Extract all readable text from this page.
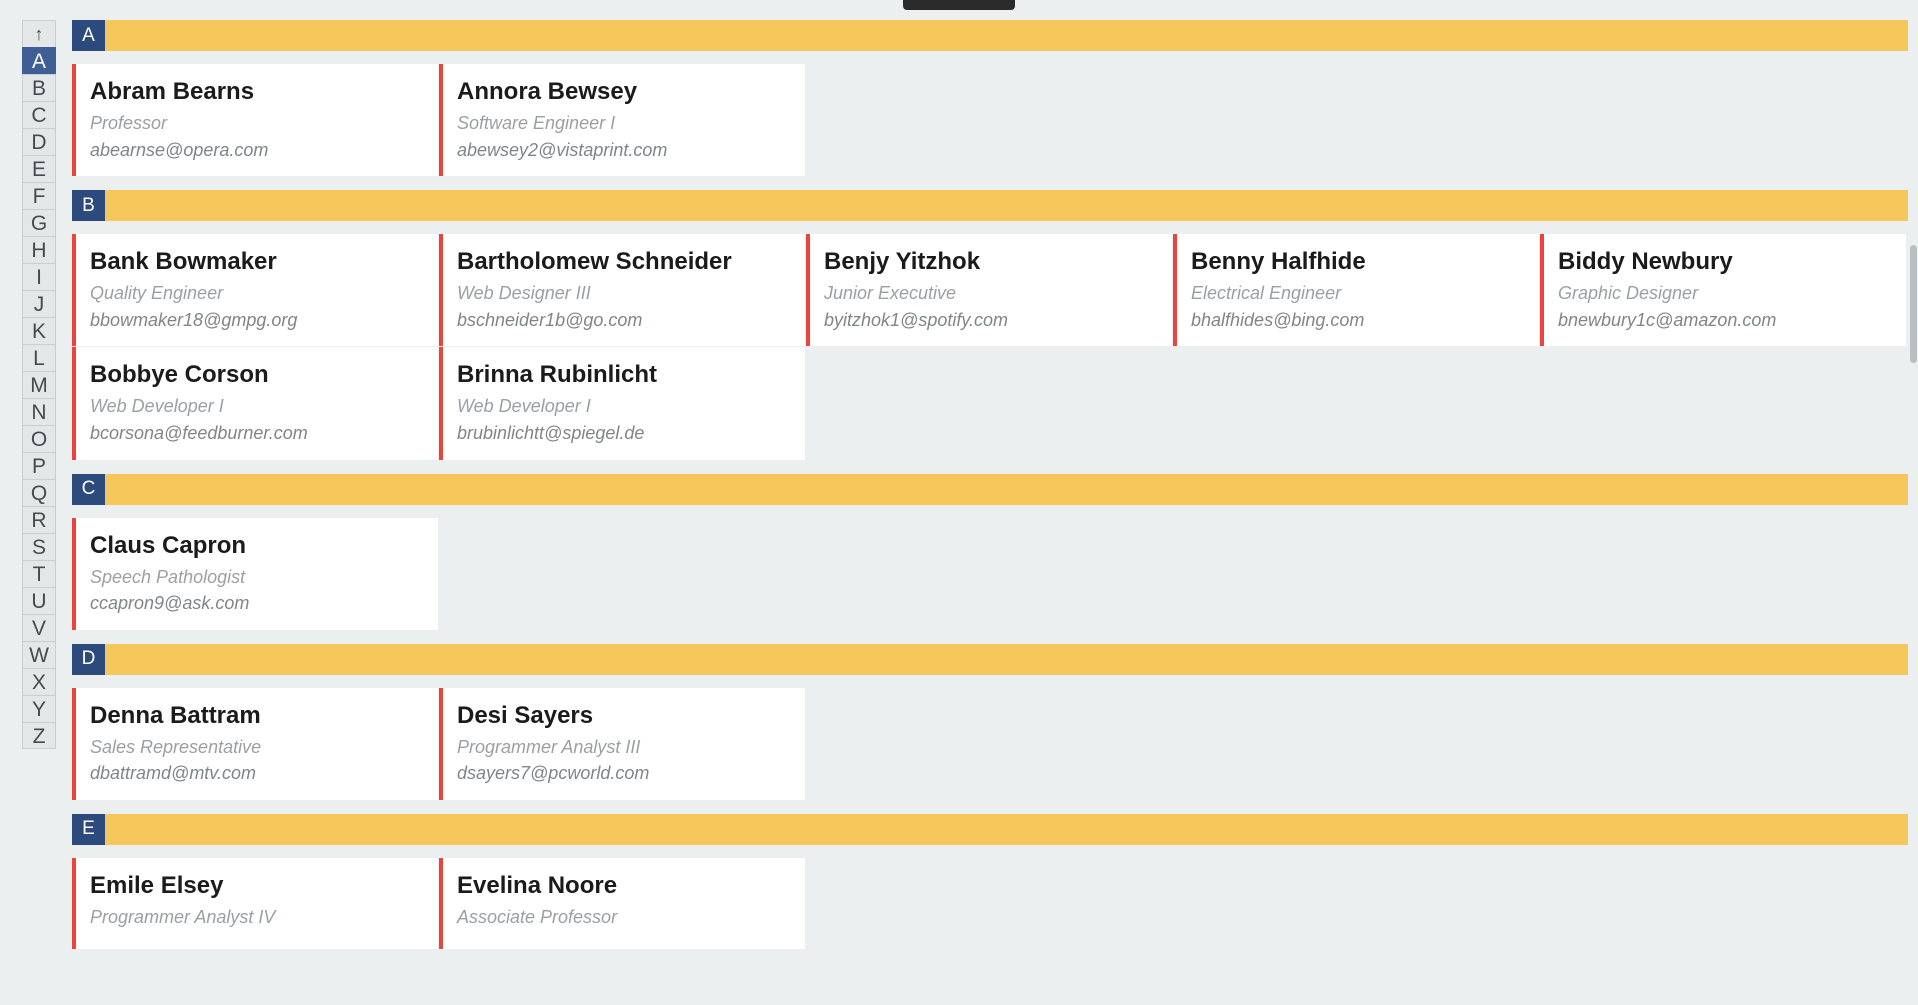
↑
A
B
C
D
E
F
G
H
I
J
K
L
M
N
O
P
Q
R
S
T
U
V
W
X
Y
Z
A
Abram Bearns
Professor
abearnse@opera.com
Annora Bewsey
Software Engineer I
abewsey2@vistaprint.com
B
Bank Bowmaker
Quality Engineer
bbowmaker18@gmpg.org
Bartholomew Schneider
Web Designer III
bschneider1b@go.com
Benjy Yitzhok
Junior Executive
byitzhok1@spotify.com
Benny Halfhide
Electrical Engineer
bhalfhides@bing.com
Biddy Newbury
Graphic Designer
bnewbury1c@amazon.com
Bobbye Corson
Web Developer I
bcorsona@feedburner.com
Brinna Rubinlicht
Web Developer I
brubinlichtt@spiegel.de
C
Claus Capron
Speech Pathologist
ccapron9@ask.com
D
Denna Battram
Sales Representative
dbattramd@mtv.com
Desi Sayers
Programmer Analyst III
dsayers7@pcworld.com
E
Emile Elsey
Programmer Analyst IV
Evelina Noore
Associate Professor
